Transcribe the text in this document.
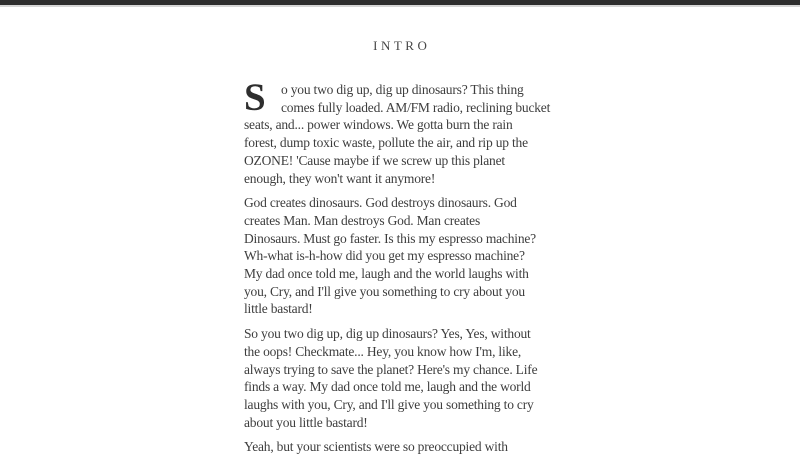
INTRO

S	o you two dig up, dig up dinosaurs? This thing
comes fully loaded. AM/FM radio, reclining bucket
seats, and... power windows. We gotta burn the rain
forest, dump toxic waste, pollute the air, and rip up the
OZONE! 'Cause maybe if we screw up this planet
enough, they won't want it anymore!

God creates dinosaurs. God destroys dinosaurs. God
creates Man. Man destroys God. Man creates
Dinosaurs. Must go faster. Is this my espresso machine?
Wh-what is-h-how did you get my espresso machine?
My dad once told me, laugh and the world laughs with
you, Cry, and I'll give you something to cry about you
little bastard!

So you two dig up, dig up dinosaurs? Yes, Yes, without
the oops! Checkmate... Hey, you know how I'm, like,
always trying to save the planet? Here's my chance. Life
finds a way. My dad once told me, laugh and the world
laughs with you, Cry, and I'll give you something to cry
about you little bastard!

Yeah, but your scientists were so preoccupied with
